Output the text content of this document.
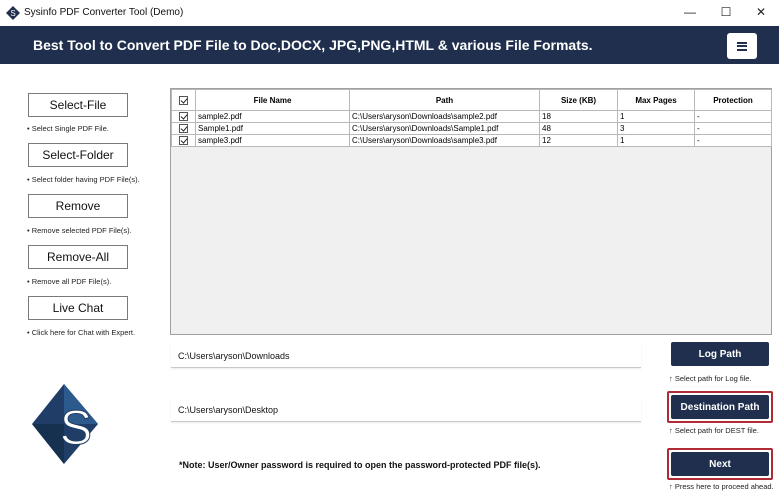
S Sysinfo PDF Converter Tool (Demo)	—	☐	✕
Best Tool to Convert PDF File to Doc,DOCX, JPG,PNG,HTML & various File Formats.
Select-File
• Select Single PDF File.
Select-Folder
• Select folder having PDF File(s).
Remove
• Remove selected PDF File(s).
Remove-All
• Remove all PDF File(s).
Live Chat
• Click here for Chat with Expert.
S
	File Name	Path	Size (KB)	Max Pages	Protection
	sample2.pdf	C:\Users\aryson\Downloads\sample2.pdf	18	1	-
	Sample1.pdf	C:\Users\aryson\Downloads\Sample1.pdf	48	3	-
	sample3.pdf	C:\Users\aryson\Downloads\sample3.pdf	12	1	-
C:\Users\aryson\Downloads	Log Path
↑ Select path for Log file.
C:\Users\aryson\Desktop	Destination Path
↑ Select path for DEST file.
*Note: User/Owner password is required to open the password-protected PDF file(s).	Next
↑ Press here to proceed ahead.
